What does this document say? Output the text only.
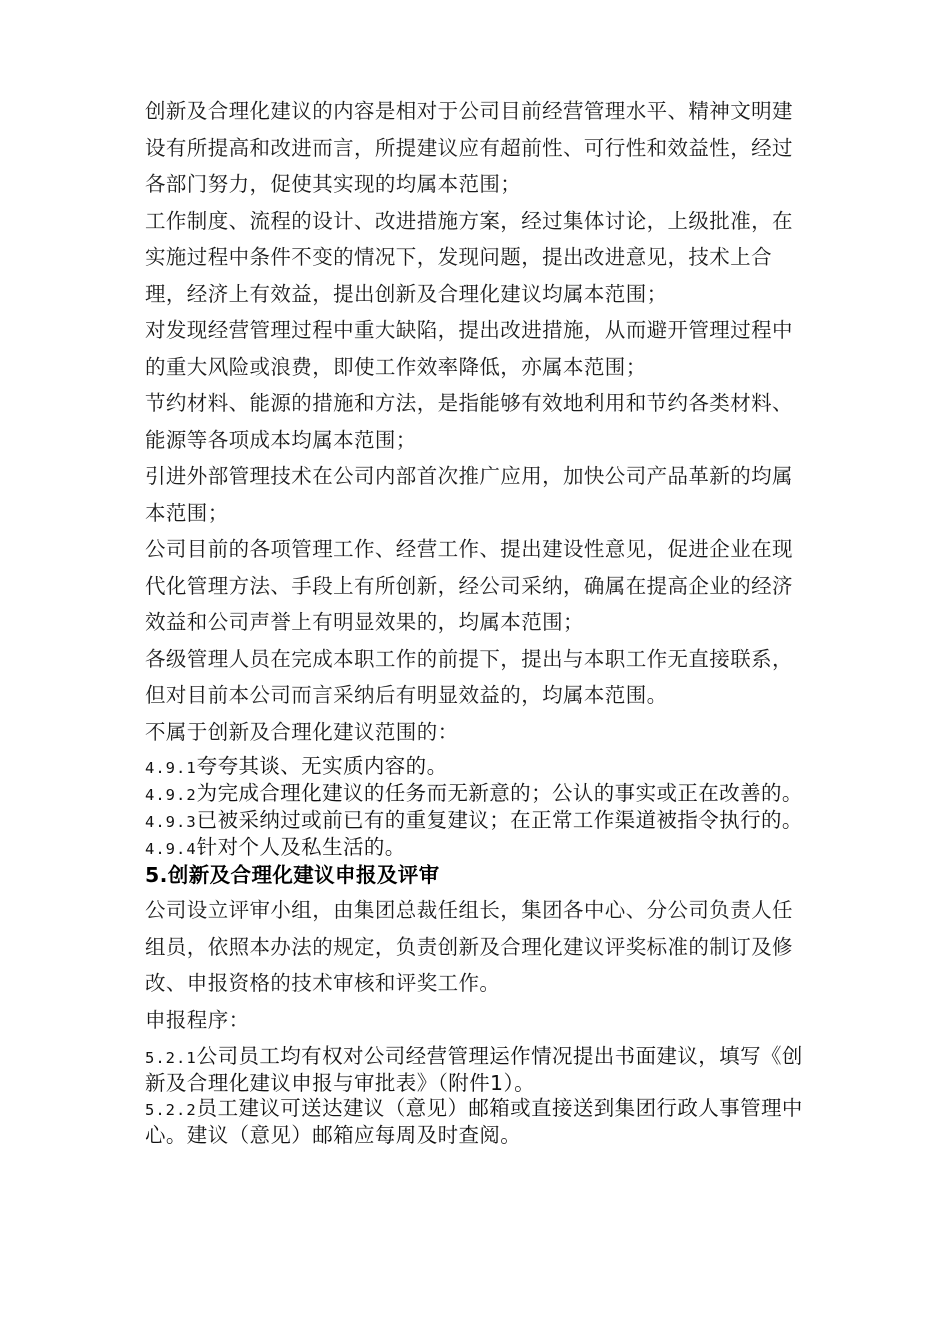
创新及合理化建议的内容是相对于公司目前经营管理水平、精神文明建设有所提高和改进而言，所提建议应有超前性、可行性和效益性，经过各部门努力，促使其实现的均属本范围；

工作制度、流程的设计、改进措施方案，经过集体讨论，上级批准，在实施过程中条件不变的情况下，发现问题，提出改进意见，技术上合理，经济上有效益，提出创新及合理化建议均属本范围；

对发现经营管理过程中重大缺陷，提出改进措施，从而避开管理过程中的重大风险或浪费，即使工作效率降低，亦属本范围；

节约材料、能源的措施和方法，是指能够有效地利用和节约各类材料、能源等各项成本均属本范围；

引进外部管理技术在公司内部首次推广应用，加快公司产品革新的均属本范围；

公司目前的各项管理工作、经营工作、提出建设性意见，促进企业在现代化管理方法、手段上有所创新，经公司采纳，确属在提高企业的经济效益和公司声誉上有明显效果的，均属本范围；

各级管理人员在完成本职工作的前提下，提出与本职工作无直接联系，但对目前本公司而言采纳后有明显效益的，均属本范围。

不属于创新及合理化建议范围的：

4.9.1夸夸其谈、无实质内容的。

4.9.2为完成合理化建议的任务而无新意的；公认的事实或正在改善的。

4.9.3已被采纳过或前已有的重复建议；在正常工作渠道被指令执行的。

4.9.4针对个人及私生活的。

5.创新及合理化建议申报及评审

公司设立评审小组，由集团总裁任组长，集团各中心、分公司负责人任组员，依照本办法的规定，负责创新及合理化建议评奖标准的制订及修改、申报资格的技术审核和评奖工作。

申报程序：

5.2.1公司员工均有权对公司经营管理运作情况提出书面建议，填写《创新及合理化建议申报与审批表》（附件1）。

5.2.2员工建议可送达建议（意见）邮箱或直接送到集团行政人事管理中心。建议（意见）邮箱应每周及时查阅。
